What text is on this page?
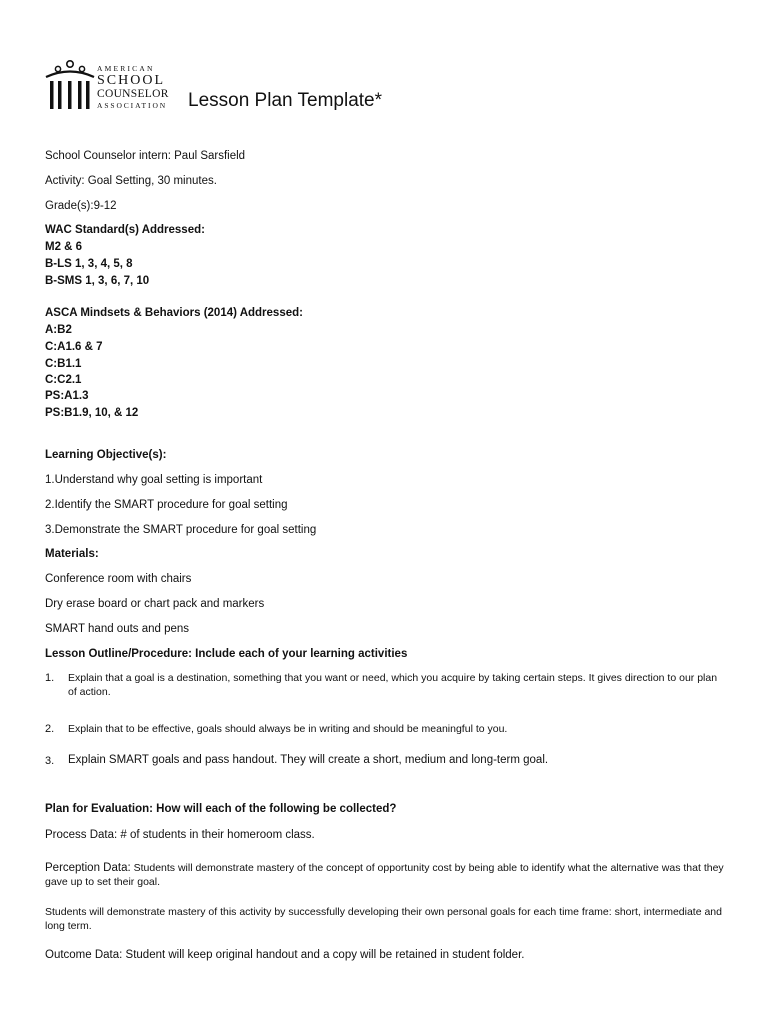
AMERICAN
SCHOOL
COUNSELOR
ASSOCIATION Lesson Plan Template*
School Counselor intern: Paul Sarsfield
Activity: Goal Setting, 30 minutes.
Grade(s):9-12
WAC Standard(s) Addressed:
M2 & 6
B-LS 1, 3, 4, 5, 8
B-SMS 1, 3, 6, 7, 10
ASCA Mindsets & Behaviors (2014) Addressed:
A:B2
C:A1.6 & 7
C:B1.1
C:C2.1
PS:A1.3
PS:B1.9, 10, & 12
Learning Objective(s):
1.Understand why goal setting is important
2.Identify the SMART procedure for goal setting
3.Demonstrate the SMART procedure for goal setting
Materials:
Conference room with chairs
Dry erase board or chart pack and markers
SMART hand outs and pens
Lesson Outline/Procedure: Include each of your learning activities
1. Explain that a goal is a destination, something that you want or need, which you acquire by taking certain steps. It gives direction to our plan of action.
2. Explain that to be effective, goals should always be in writing and should be meaningful to you.
3. Explain SMART goals and pass handout. They will create a short, medium and long-term goal.
Plan for Evaluation: How will each of the following be collected?
Process Data: # of students in their homeroom class.
Perception Data: Students will demonstrate mastery of the concept of opportunity cost by being able to identify what the alternative was that they gave up to set their goal.
Students will demonstrate mastery of this activity by successfully developing their own personal goals for each time frame: short, intermediate and long term.
Outcome Data: Student will keep original handout and a copy will be retained in student folder.
